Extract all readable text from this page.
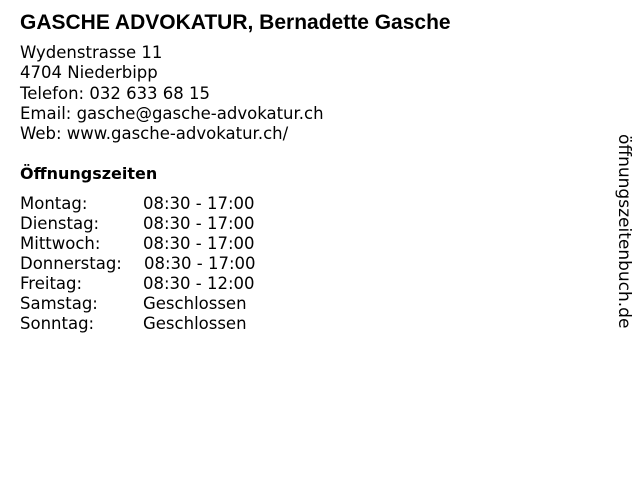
GASCHE ADVOKATUR, Bernadette Gasche
Wydenstrasse 11
4704 Niederbipp
Telefon: 032 633 68 15
Email: gasche@gasche-advokatur.ch
Web: www.gasche-advokatur.ch/
Öffnungszeiten
Montag:	08:30 - 17:00
Dienstag:	08:30 - 17:00
Mittwoch:	08:30 - 17:00
Donnerstag: 08:30 - 17:00
Freitag:	08:30 - 12:00
Samstag:	Geschlossen
Sonntag:	Geschlossen	öffnungszeitenbuch.de
